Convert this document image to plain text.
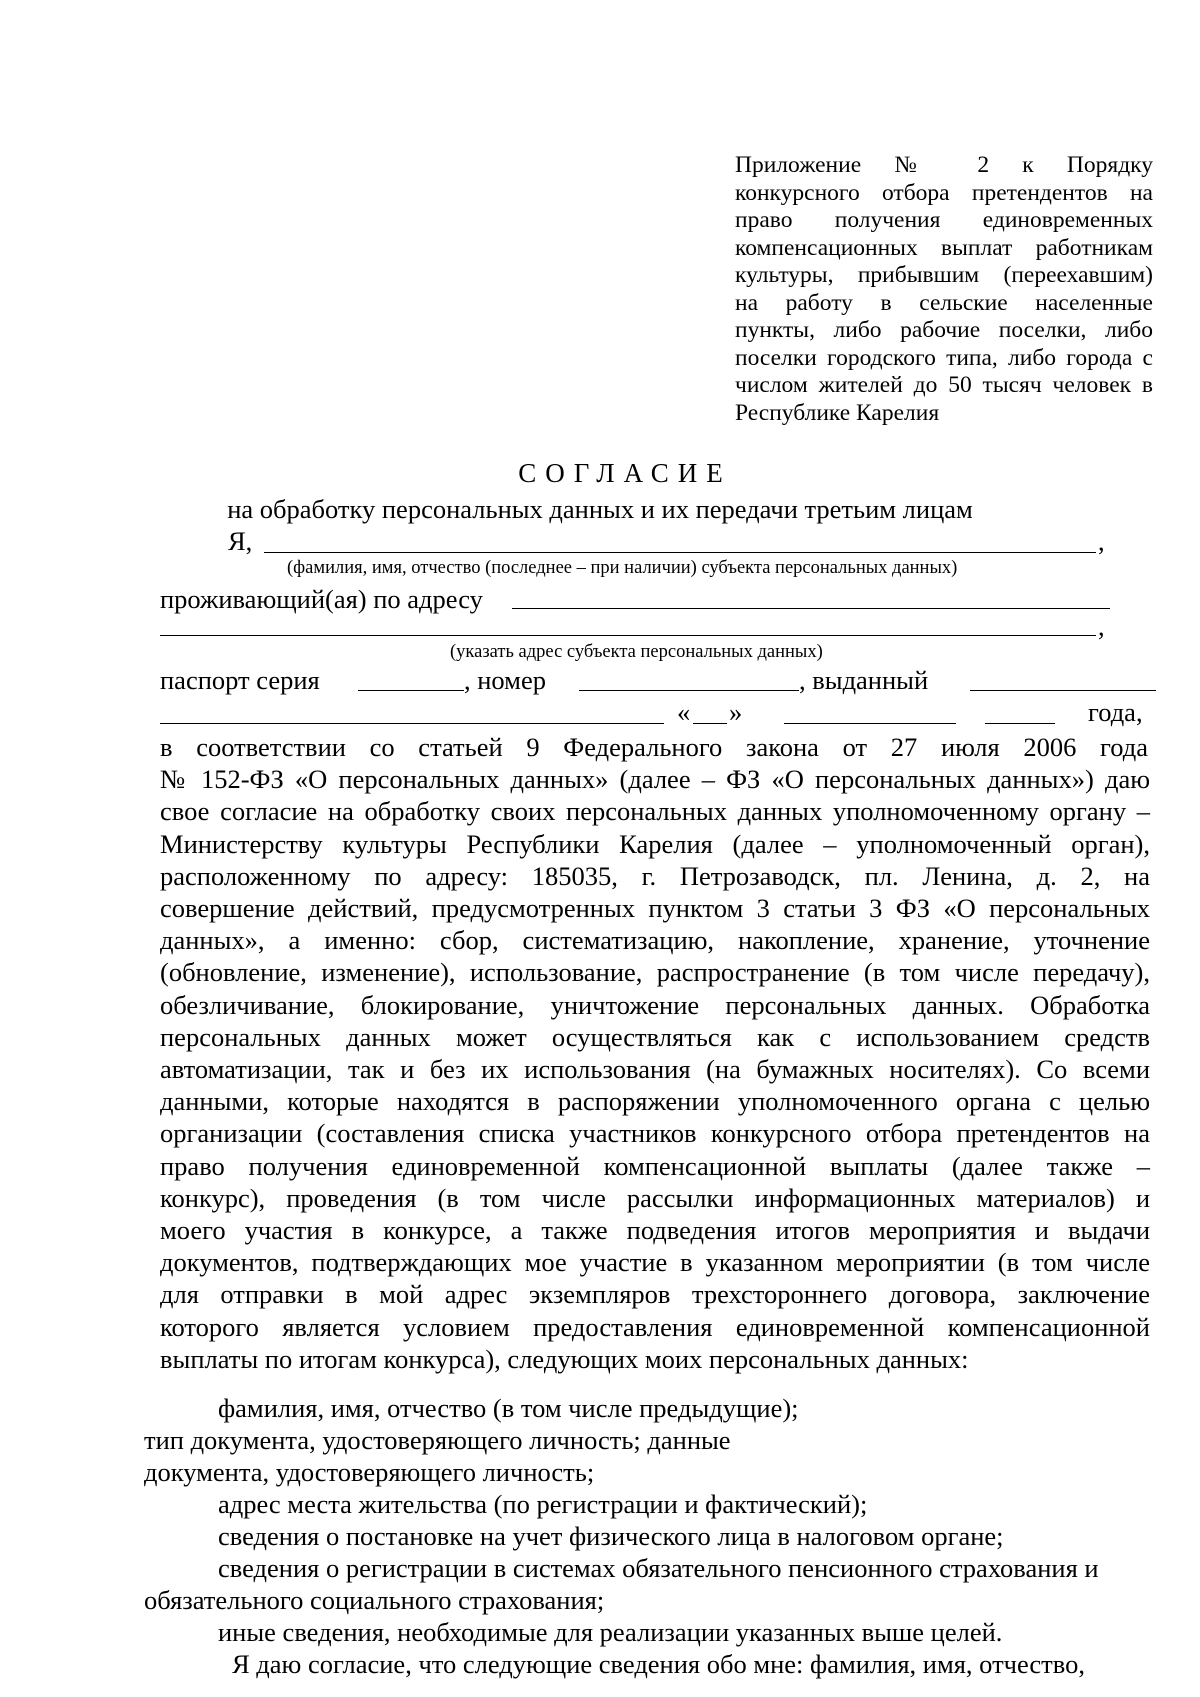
Приложение № 2 к Порядку
конкурсного отбора претендентов на
право получения единовременных
компенсационных выплат работникам
культуры, прибывшим (переехавшим)
на работу в сельские населенные
пункты, либо рабочие поселки, либо
поселки городского типа, либо города с
числом жителей до 50 тысяч человек в
Республике Карелия
СОГЛАСИЕ
на обработку персональных данных и их передачи третьим лицам
Я,	,
(фамилия, имя, отчество (последнее – при наличии) субъекта персональных данных)
проживающий(ая) по адресу
,
(указать адрес субъекта персональных данных)
паспорт серия	, номер	, выданный
« »	года,
в соответствии со статьей 9 Федерального закона от 27 июля 2006 года
№ 152-ФЗ «О персональных данных» (далее – ФЗ «О персональных данных») даю
свое согласие на обработку своих персональных данных уполномоченному органу –
Министерству культуры Республики Карелия (далее – уполномоченный орган),
расположенному по адресу: 185035, г. Петрозаводск, пл. Ленина, д. 2, на
совершение действий, предусмотренных пунктом 3 статьи 3 ФЗ «О персональных
данных», а именно: сбор, систематизацию, накопление, хранение, уточнение
(обновление, изменение), использование, распространение (в том числе передачу),
обезличивание, блокирование, уничтожение персональных данных. Обработка
персональных данных может осуществляться как с использованием средств
автоматизации, так и без их использования (на бумажных носителях). Со всеми
данными, которые находятся в распоряжении уполномоченного органа с целью
организации (составления списка участников конкурсного отбора претендентов на
право получения единовременной компенсационной выплаты (далее также –
конкурс), проведения (в том числе рассылки информационных материалов) и
моего участия в конкурсе, а также подведения итогов мероприятия и выдачи
документов, подтверждающих мое участие в указанном мероприятии (в том числе
для отправки в мой адрес экземпляров трехстороннего договора, заключение
которого является условием предоставления единовременной компенсационной
выплаты по итогам конкурса), следующих моих персональных данных:
фамилия, имя, отчество (в том числе предыдущие);
тип документа, удостоверяющего личность; данные
документа, удостоверяющего личность;
адрес места жительства (по регистрации и фактический);
сведения о постановке на учет физического лица в налоговом органе;
сведения о регистрации в системах обязательного пенсионного страхования и
обязательного социального страхования;
иные сведения, необходимые для реализации указанных выше целей.
Я даю согласие, что следующие сведения обо мне: фамилия, имя, отчество,
